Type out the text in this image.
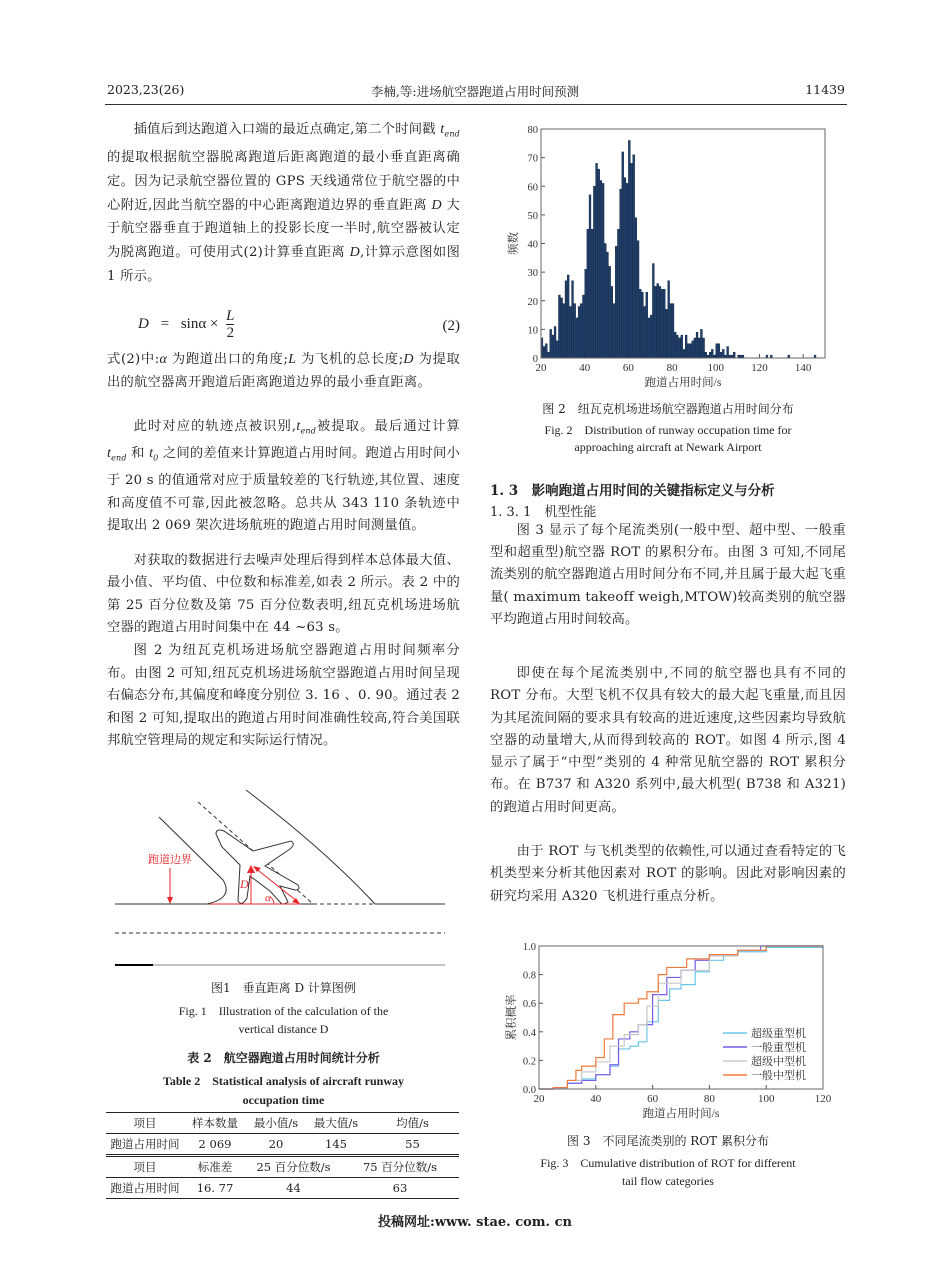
2023,23(26)	李楠,等:进场航空器跑道占用时间预测	11439
插值后到达跑道入口端的最近点确定,第二个时间戳 $t_{end}$的提取根据航空器脱离跑道后距离跑道的最小垂直距离确定。因为记录航空器位置的 GPS 天线通常位于航空器的中心附近,因此当航空器的中心距离跑道边界的垂直距离 D 大于航空器垂直于跑道轴上的投影长度一半时,航空器被认定为脱离跑道。可使用式(2)计算垂直距离 D,计算示意图如图 1 所示。
$D = \sin\alpha \times \frac{L}{2}$	(2)
式(2)中:α 为跑道出口的角度;L 为飞机的总长度;D 为提取出的航空器离开跑道后距离跑道边界的最小垂直距离。
此时对应的轨迹点被识别$,t_{end}$被提取。最后通过计算 $t_{end}$ 和 $t_0$ 之间的差值来计算跑道占用时间。跑道占用时间小于 20 s 的值通常对应于质量较差的飞行轨迹,其位置、速度和高度值不可靠,因此被忽略。总共从 343 110 条轨迹中提取出 2 069 架次进场航班的跑道占用时间测量值。
对获取的数据进行去噪声处理后得到样本总体最大值、最小值、平均值、中位数和标准差,如表 2 所示。表 2 中的第 25 百分位数及第 75 百分位数表明,纽瓦克机场进场航空器的跑道占用时间集中在 44 ~63 s。
图 2 为纽瓦克机场进场航空器跑道占用时间频率分布。由图 2 可知,纽瓦克机场进场航空器跑道占用时间呈现右偏态分布,其偏度和峰度分别位 3. 16 、0. 90。通过表 2 和图 2 可知,提取出的跑道占用时间准确性较高,符合美国联邦航空管理局的规定和实际运行情况。
跑道边界
D
α
图1　垂直距离 D 计算图例
Fig. 1　Illustration of the calculation of the
vertical distance D
表 2　航空器跑道占用时间统计分析
Table 2　Statistical analysis of aircraft runway
occupation time
项目	样本数量	最小值/s	最大值/s	均值/s
跑道占用时间	2 069	20	145	55
项目	标准差	25 百分位数/s	75 百分位数/s
跑道占用时间	16. 77	44	63
20	40	60	80	100 120 140
0
10
20
30
40
50
60
70
80
跑道占用时间/s
频数
图 2　纽瓦克机场进场航空器跑道占用时间分布
Fig. 2　Distribution of runway occupation time for
approaching aircraft at Newark Airport
1. 3　影响跑道占用时间的关键指标定义与分析
1. 3. 1　机型性能
图 3 显示了每个尾流类别(一般中型、超中型、一般重型和超重型)航空器 ROT 的累积分布。由图 3 可知,不同尾流类别的航空器跑道占用时间分布不同,并且属于最大起飞重量( maximum takeoff weigh,MTOW)较高类别的航空器平均跑道占用时间较高。
即使在每个尾流类别中,不同的航空器也具有不同的 ROT 分布。大型飞机不仅具有较大的最大起飞重量,而且因为其尾流间隔的要求具有较高的进近速度,这些因素均导致航空器的动量增大,从而得到较高的 ROT。如图 4 所示,图 4 显示了属于“中型”类别的 4 种常见航空器的 ROT 累积分布。在 B737 和 A320 系列中,最大机型( B738 和 A321)的跑道占用时间更高。
由于 ROT 与飞机类型的依赖性,可以通过查看特定的飞机类型来分析其他因素对 ROT 的影响。因此对影响因素的研究均采用 A320 飞机进行重点分析。
20	40	60	80	100	120
0.0
0.2
0.4
0.6
0.8
1.0
跑道占用时间/s
累积概率	超级重型机
一般重型机
超级中型机
一般中型机
图 3　不同尾流类别的 ROT 累积分布
Fig. 3　Cumulative distribution of ROT for different
tail flow categories
投稿网址:www. stae. com. cn
